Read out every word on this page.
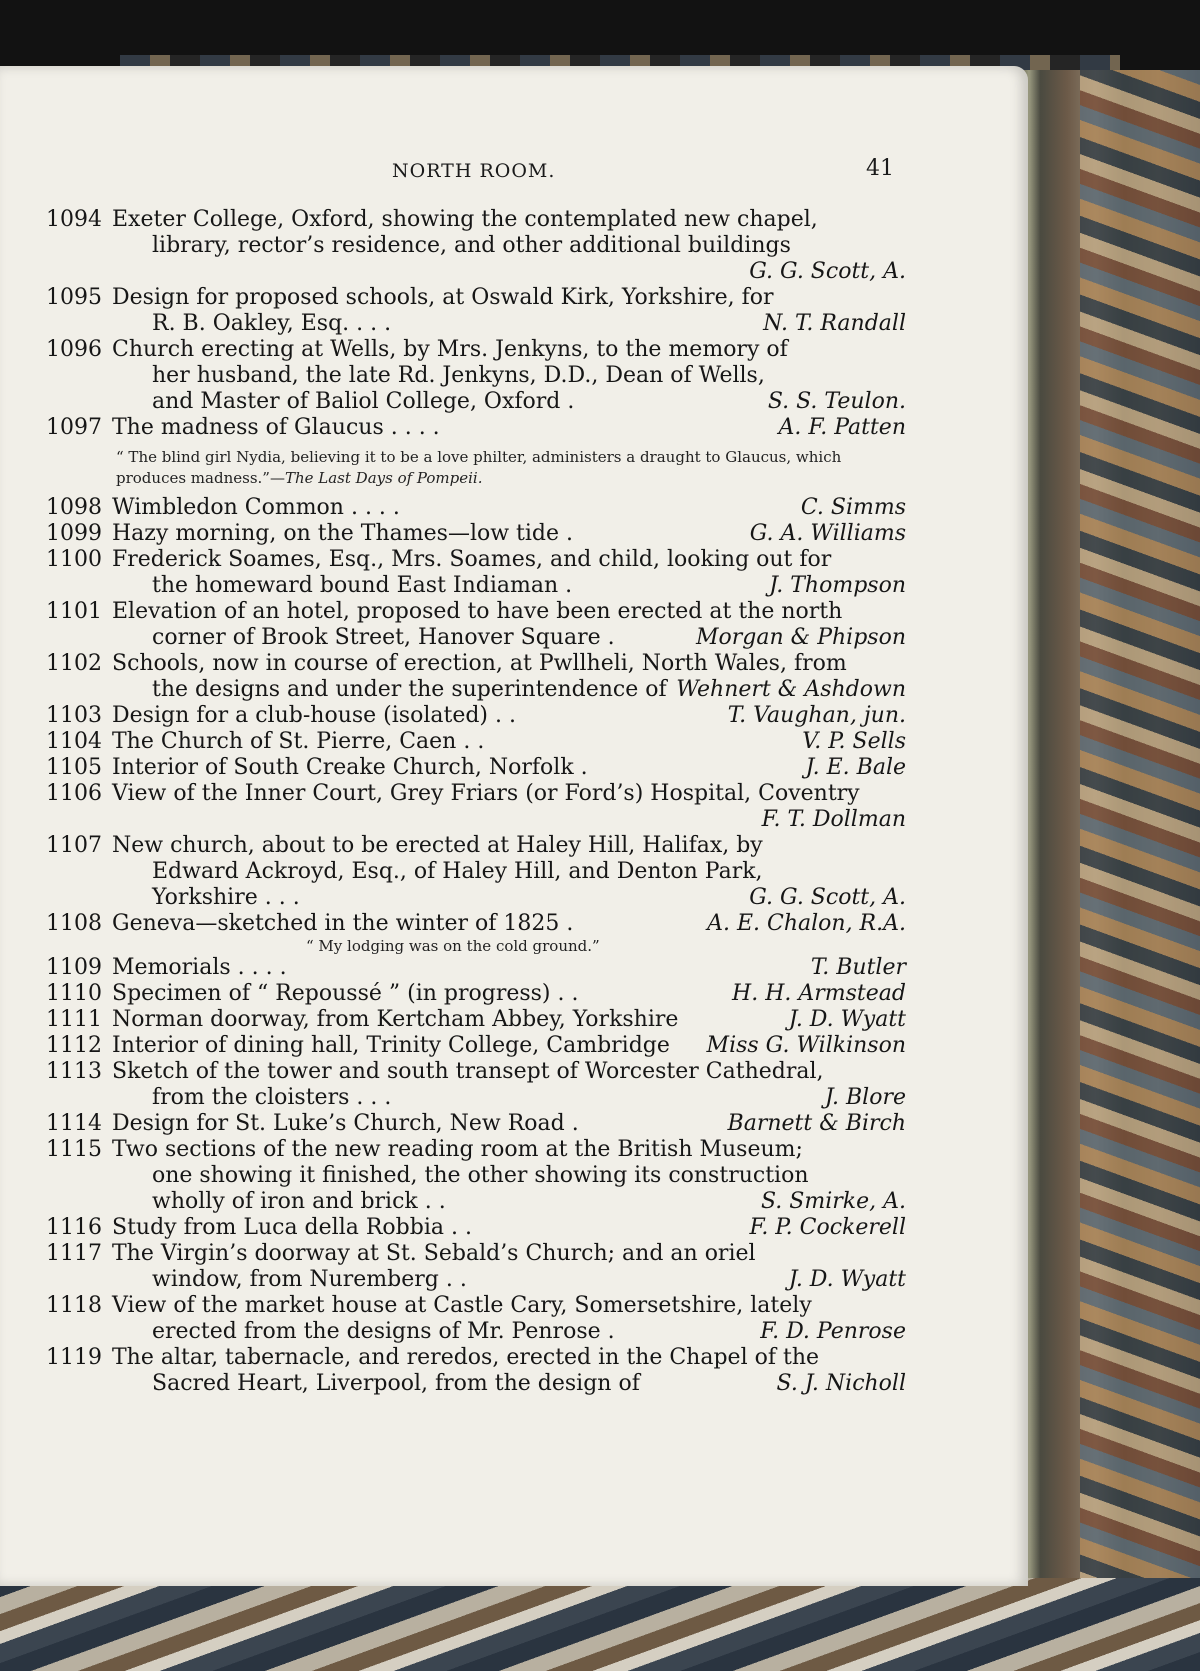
NORTH ROOM.	41
1094 Exeter College, Oxford, showing the contemplated new chapel,
library, rector’s residence, and other additional buildings
G. G. Scott, A.
1095 Design for proposed schools, at Oswald Kirk, Yorkshire, for
R. B. Oakley, Esq. . . .	N. T. Randall
1096 Church erecting at Wells, by Mrs. Jenkyns, to the memory of
her husband, the late Rd. Jenkyns, D.D., Dean of Wells,
and Master of Baliol College, Oxford .	S. S. Teulon.
1097 The madness of Glaucus . . . .	A. F. Patten
“ The blind girl Nydia, believing it to be a love philter, administers a draught to Glaucus, which produces madness.”—The Last Days of Pompeii.
1098 Wimbledon Common . . . .	C. Simms
1099 Hazy morning, on the Thames—low tide .	G. A. Williams
1100 Frederick Soames, Esq., Mrs. Soames, and child, looking out for
the homeward bound East Indiaman .	J. Thompson
1101 Elevation of an hotel, proposed to have been erected at the north
corner of Brook Street, Hanover Square .	Morgan & Phipson
1102 Schools, now in course of erection, at Pwllheli, North Wales, from
the designs and under the superintendence of Wehnert & Ashdown
1103 Design for a club-house (isolated) . .	T. Vaughan, jun.
1104 The Church of St. Pierre, Caen . .	V. P. Sells
1105 Interior of South Creake Church, Norfolk .	J. E. Bale
1106 View of the Inner Court, Grey Friars (or Ford’s) Hospital, Coventry
F. T. Dollman
1107 New church, about to be erected at Haley Hill, Halifax, by
Edward Ackroyd, Esq., of Haley Hill, and Denton Park,
Yorkshire . . .	G. G. Scott, A.
1108 Geneva—sketched in the winter of 1825 .	A. E. Chalon, R.A.
“ My lodging was on the cold ground.”
1109 Memorials . . . .	T. Butler
1110 Specimen of “ Repoussé ” (in progress) . .	H. H. Armstead
1111 Norman doorway, from Kertcham Abbey, Yorkshire	J. D. Wyatt
1112 Interior of dining hall, Trinity College, Cambridge Miss G. Wilkinson
1113 Sketch of the tower and south transept of Worcester Cathedral,
from the cloisters . . .	J. Blore
1114 Design for St. Luke’s Church, New Road .	Barnett & Birch
1115 Two sections of the new reading room at the British Museum;
one showing it finished, the other showing its construction
wholly of iron and brick . .	S. Smirke, A.
1116 Study from Luca della Robbia . .	F. P. Cockerell
1117 The Virgin’s doorway at St. Sebald’s Church; and an oriel
window, from Nuremberg . .	J. D. Wyatt
1118 View of the market house at Castle Cary, Somersetshire, lately
erected from the designs of Mr. Penrose .	F. D. Penrose
1119 The altar, tabernacle, and reredos, erected in the Chapel of the
Sacred Heart, Liverpool, from the design of	S. J. Nicholl
